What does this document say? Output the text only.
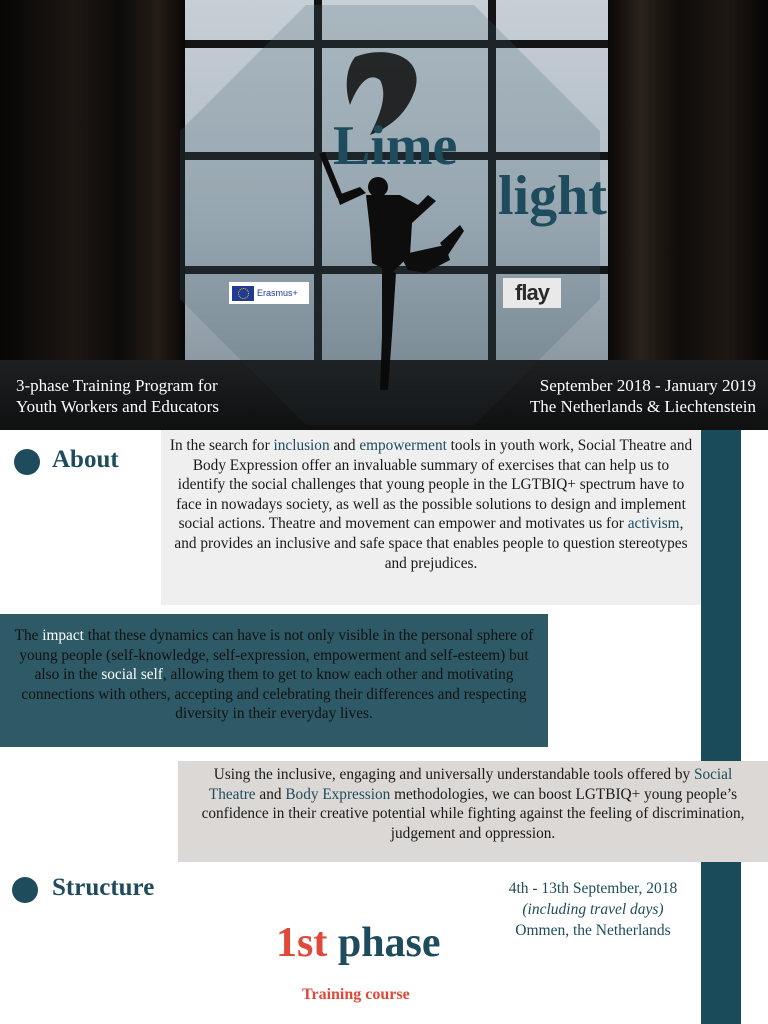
Lime
light
Erasmus+	flay
3-phase Training Program for
Youth Workers and Educators
September 2018 - January 2019
The Netherlands & Liechtenstein
About
In the search for inclusion and empowerment tools in youth work, Social Theatre and Body Expression offer an invaluable summary of exercises that can help us to identify the social challenges that young people in the LGTBIQ+ spectrum have to face in nowadays society, as well as the possible solutions to design and implement social actions. Theatre and movement can empower and motivates us for activism, and provides an inclusive and safe space that enables people to question stereotypes and prejudices.
The impact that these dynamics can have is not only visible in the personal sphere of young people (self-knowledge, self-expression, empowerment and self-esteem) but also in the social self, allowing them to get to know each other and motivating connections with others, accepting and celebrating their differences and respecting diversity in their everyday lives.
Using the inclusive, engaging and universally understandable tools offered by Social Theatre and Body Expression methodologies, we can boost LGTBIQ+ young people’s confidence in their creative potential while fighting against the feeling of discrimination, judgement and oppression.
Structure	4th - 13th September, 2018
(including travel days)
Ommen, the Netherlands
1st phase
Training course
